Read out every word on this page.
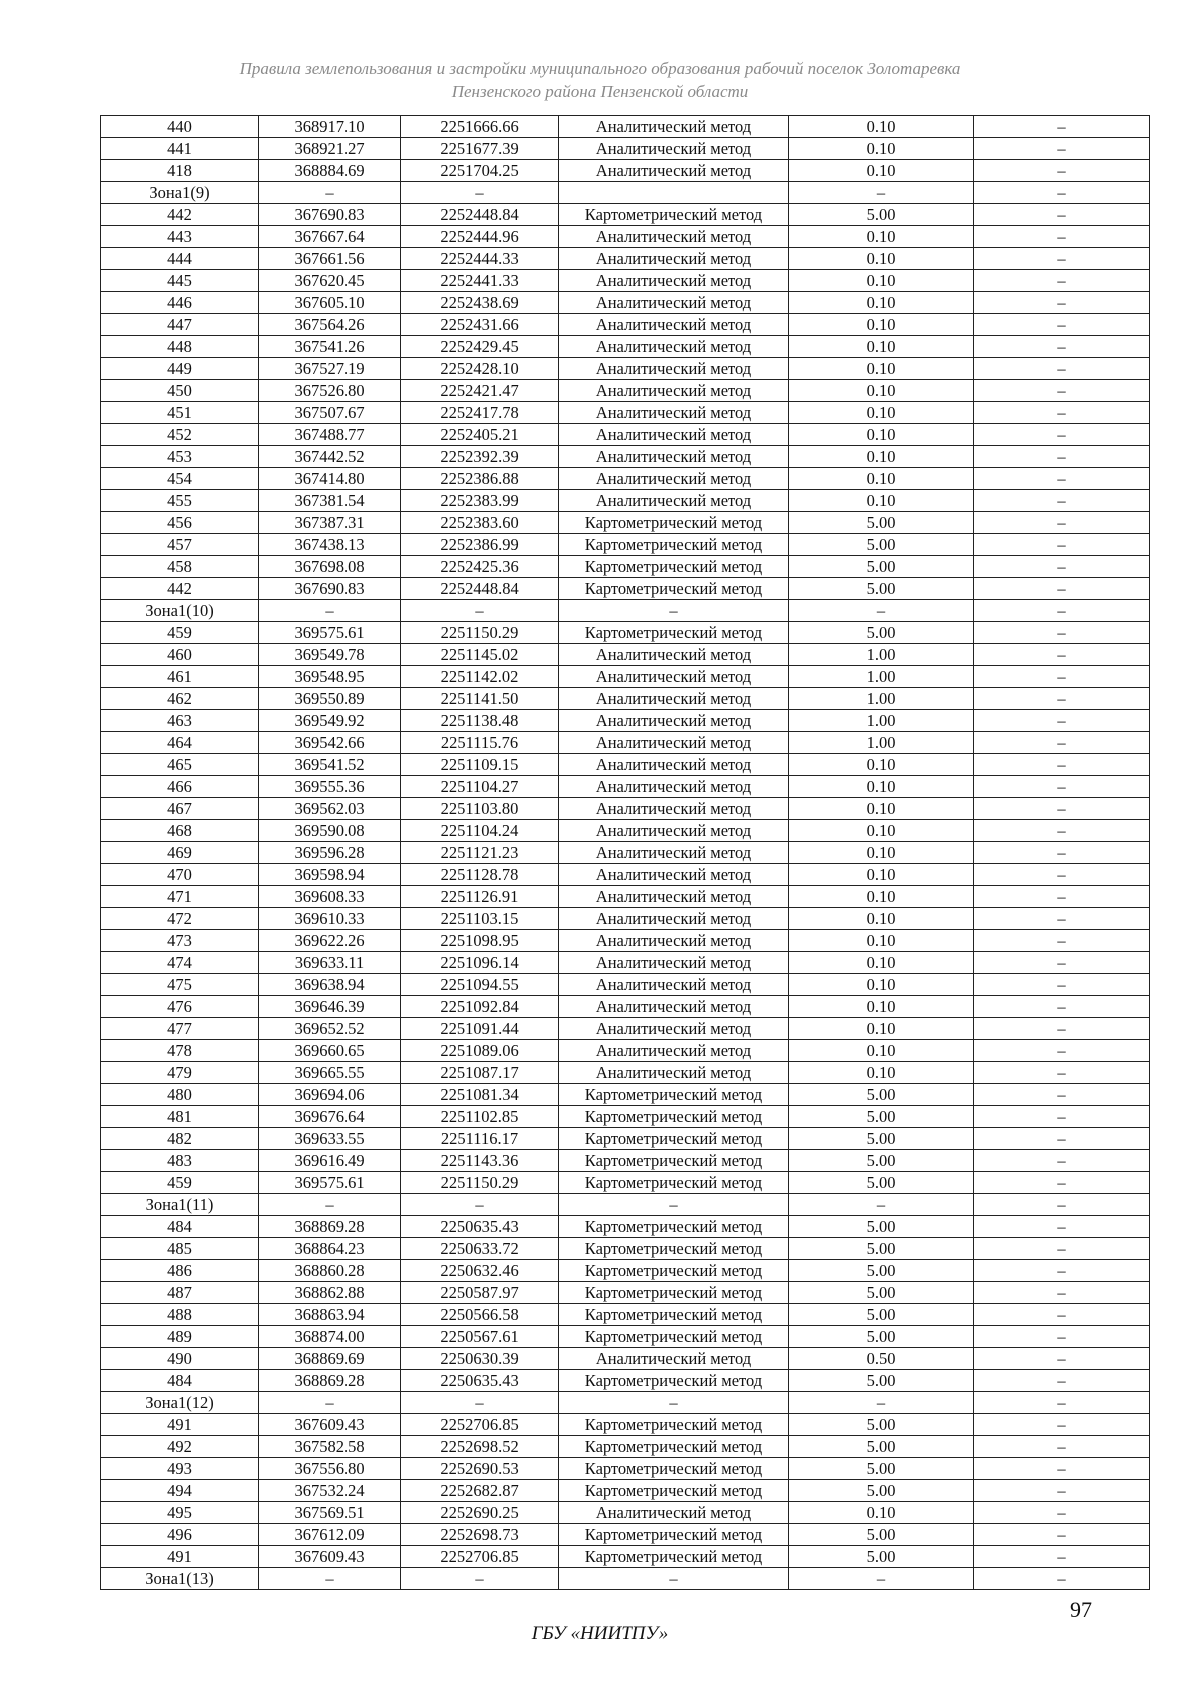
Правила землепользования и застройки муниципального образования рабочий поселок Золотаревка
Пензенского района Пензенской области
440	368917.10	2251666.66	Аналитический метод	0.10	–
441	368921.27	2251677.39	Аналитический метод	0.10	–
418	368884.69	2251704.25	Аналитический метод	0.10	–
Зона1(9)	–	–		–	–
442	367690.83	2252448.84	Картометрический метод	5.00	–
443	367667.64	2252444.96	Аналитический метод	0.10	–
444	367661.56	2252444.33	Аналитический метод	0.10	–
445	367620.45	2252441.33	Аналитический метод	0.10	–
446	367605.10	2252438.69	Аналитический метод	0.10	–
447	367564.26	2252431.66	Аналитический метод	0.10	–
448	367541.26	2252429.45	Аналитический метод	0.10	–
449	367527.19	2252428.10	Аналитический метод	0.10	–
450	367526.80	2252421.47	Аналитический метод	0.10	–
451	367507.67	2252417.78	Аналитический метод	0.10	–
452	367488.77	2252405.21	Аналитический метод	0.10	–
453	367442.52	2252392.39	Аналитический метод	0.10	–
454	367414.80	2252386.88	Аналитический метод	0.10	–
455	367381.54	2252383.99	Аналитический метод	0.10	–
456	367387.31	2252383.60	Картометрический метод	5.00	–
457	367438.13	2252386.99	Картометрический метод	5.00	–
458	367698.08	2252425.36	Картометрический метод	5.00	–
442	367690.83	2252448.84	Картометрический метод	5.00	–
Зона1(10)	–	–	–	–	–
459	369575.61	2251150.29	Картометрический метод	5.00	–
460	369549.78	2251145.02	Аналитический метод	1.00	–
461	369548.95	2251142.02	Аналитический метод	1.00	–
462	369550.89	2251141.50	Аналитический метод	1.00	–
463	369549.92	2251138.48	Аналитический метод	1.00	–
464	369542.66	2251115.76	Аналитический метод	1.00	–
465	369541.52	2251109.15	Аналитический метод	0.10	–
466	369555.36	2251104.27	Аналитический метод	0.10	–
467	369562.03	2251103.80	Аналитический метод	0.10	–
468	369590.08	2251104.24	Аналитический метод	0.10	–
469	369596.28	2251121.23	Аналитический метод	0.10	–
470	369598.94	2251128.78	Аналитический метод	0.10	–
471	369608.33	2251126.91	Аналитический метод	0.10	–
472	369610.33	2251103.15	Аналитический метод	0.10	–
473	369622.26	2251098.95	Аналитический метод	0.10	–
474	369633.11	2251096.14	Аналитический метод	0.10	–
475	369638.94	2251094.55	Аналитический метод	0.10	–
476	369646.39	2251092.84	Аналитический метод	0.10	–
477	369652.52	2251091.44	Аналитический метод	0.10	–
478	369660.65	2251089.06	Аналитический метод	0.10	–
479	369665.55	2251087.17	Аналитический метод	0.10	–
480	369694.06	2251081.34	Картометрический метод	5.00	–
481	369676.64	2251102.85	Картометрический метод	5.00	–
482	369633.55	2251116.17	Картометрический метод	5.00	–
483	369616.49	2251143.36	Картометрический метод	5.00	–
459	369575.61	2251150.29	Картометрический метод	5.00	–
Зона1(11)	–	–	–	–	–
484	368869.28	2250635.43	Картометрический метод	5.00	–
485	368864.23	2250633.72	Картометрический метод	5.00	–
486	368860.28	2250632.46	Картометрический метод	5.00	–
487	368862.88	2250587.97	Картометрический метод	5.00	–
488	368863.94	2250566.58	Картометрический метод	5.00	–
489	368874.00	2250567.61	Картометрический метод	5.00	–
490	368869.69	2250630.39	Аналитический метод	0.50	–
484	368869.28	2250635.43	Картометрический метод	5.00	–
Зона1(12)	–	–	–	–	–
491	367609.43	2252706.85	Картометрический метод	5.00	–
492	367582.58	2252698.52	Картометрический метод	5.00	–
493	367556.80	2252690.53	Картометрический метод	5.00	–
494	367532.24	2252682.87	Картометрический метод	5.00	–
495	367569.51	2252690.25	Аналитический метод	0.10	–
496	367612.09	2252698.73	Картометрический метод	5.00	–
491	367609.43	2252706.85	Картометрический метод	5.00	–
Зона1(13)	–	–	–	–	–
97
ГБУ «НИИТПУ»
